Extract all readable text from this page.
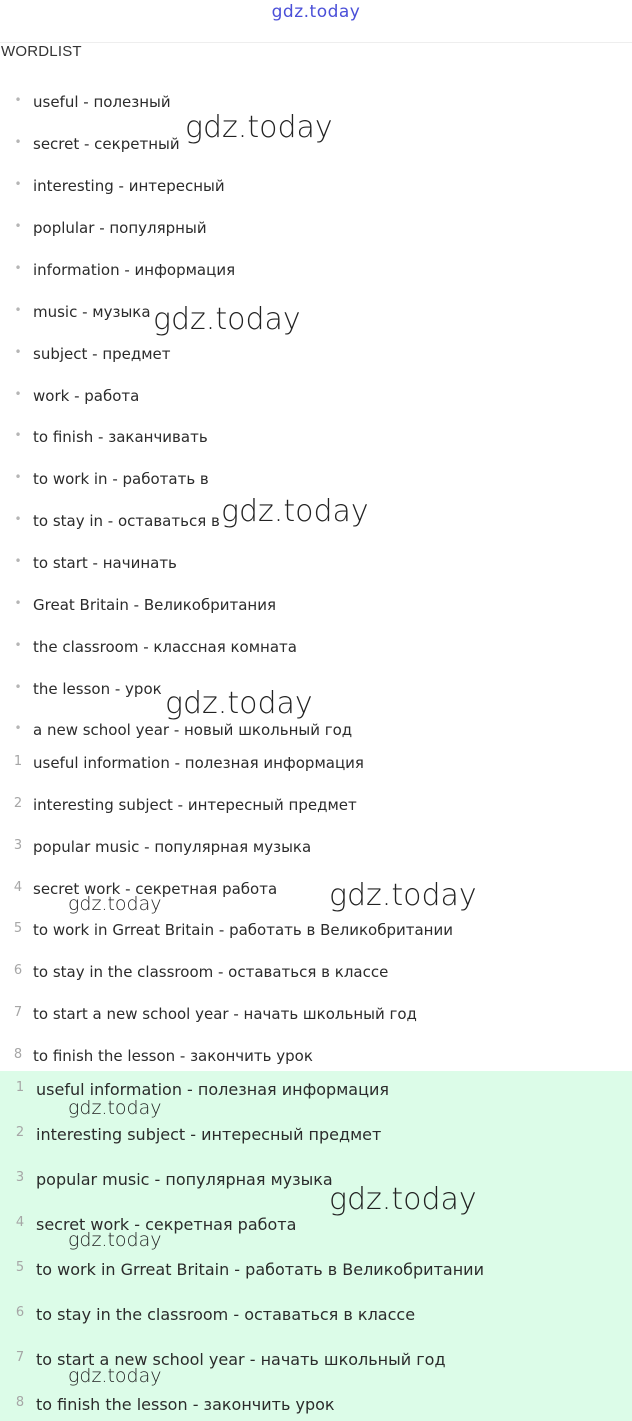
gdz.today
WORDLIST
• useful - полезный
• secret - секретный
• interesting - интересный
• poplular - популярный
• information - информация
• music - музыка
• subject - предмет
• work - работа
• to finish - заканчивать
• to work in - работать в
• to stay in - оставаться в
• to start - начинать
• Great Britain - Великобритания
• the classroom - классная комната
• the lesson - урок
• a new school year - новый школьный год
1 useful information - полезная информация
2 interesting subject - интересный предмет
3 popular music - популярная музыка
4 secret work - секретная работа
5 to work in Grreat Britain - работать в Великобритании
6 to stay in the classroom - оставаться в классе
7 to start a new school year - начать школьный год
8 to finish the lesson - закончить урок
1 useful information - полезная информация
2 interesting subject - интересный предмет
3 popular music - популярная музыка
4 secret work - секретная работа
5 to work in Grreat Britain - работать в Великобритании
6 to stay in the classroom - оставаться в классе
7 to start a new school year - начать школьный год
8 to finish the lesson - закончить урок
gdz.today
gdz.today
gdz.today
gdz.today
gdz.today
gdz.today
gdz.today
gdz.today
gdz.today
gdz.today
